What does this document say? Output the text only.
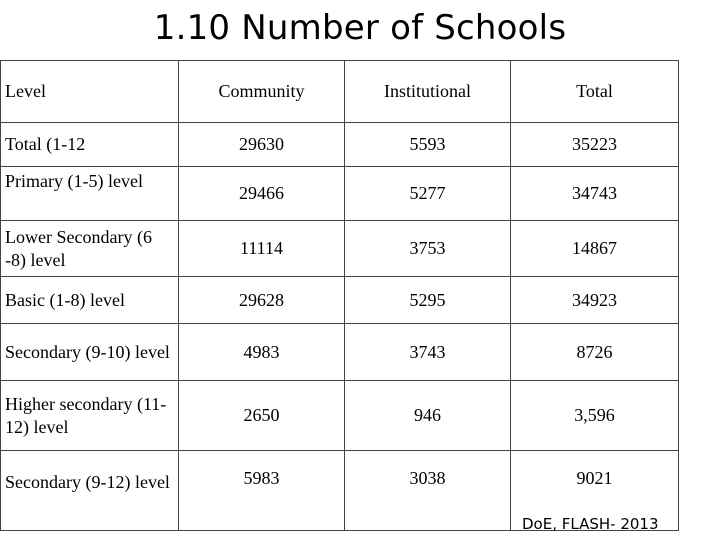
1.10 Number of Schools
Level	Community	Institutional	Total
Total (1-12	29630	5593	35223
Primary (1-5) level	29466	5277	34743
Lower Secondary (6 -8) level	11114	3753	14867
Basic (1-8) level	29628	5295	34923
Secondary (9-10) level	4983	3743	8726
Higher secondary (11-12) level	2650	946	3,596
Secondary (9-12) level	5983	3038	9021
DoE, FLASH- 2013
